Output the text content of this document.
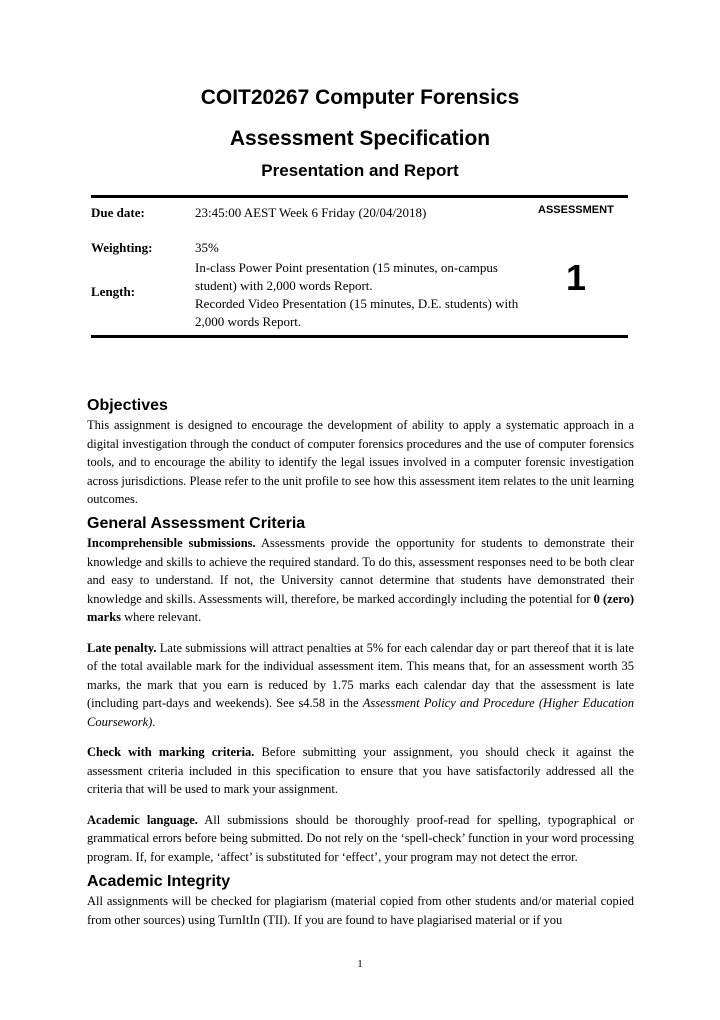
COIT20267 Computer Forensics
Assessment Specification
Presentation and Report
Due date:	23:45:00 AEST Week 6 Friday (20/04/2018)
Weighting:	35%
Length:
In-class Power Point presentation (15 minutes, on-campus
student) with 2,000 words Report.
Recorded Video Presentation (15 minutes, D.E. students) with
2,000 words Report.
ASSESSMENT
1
Objectives

This assignment is designed to encourage the development of ability to apply a systematic approach in a digital investigation through the conduct of computer forensics procedures and the use of computer forensics tools, and to encourage the ability to identify the legal issues involved in a computer forensic investigation across jurisdictions. Please refer to the unit profile to see how this assessment item relates to the unit learning outcomes.

General Assessment Criteria

Incomprehensible submissions. Assessments provide the opportunity for students to demonstrate their knowledge and skills to achieve the required standard. To do this, assessment responses need to be both clear and easy to understand. If not, the University cannot determine that students have demonstrated their knowledge and skills. Assessments will, therefore, be marked accordingly including the potential for 0 (zero) marks where relevant.

Late penalty. Late submissions will attract penalties at 5% for each calendar day or part thereof that it is late of the total available mark for the individual assessment item. This means that, for an assessment worth 35 marks, the mark that you earn is reduced by 1.75 marks each calendar day that the assessment is late (including part-days and weekends). See s4.58 in the Assessment Policy and Procedure (Higher Education Coursework).

Check with marking criteria. Before submitting your assignment, you should check it against the assessment criteria included in this specification to ensure that you have satisfactorily addressed all the criteria that will be used to mark your assignment.

Academic language. All submissions should be thoroughly proof-read for spelling, typographical or grammatical errors before being submitted. Do not rely on the ‘spell-check’ function in your word processing program. If, for example, ‘affect’ is substituted for ‘effect’, your program may not detect the error.

Academic Integrity

All assignments will be checked for plagiarism (material copied from other students and/or material copied from other sources) using TurnItIn (TII). If you are found to have plagiarised material or if you

1
